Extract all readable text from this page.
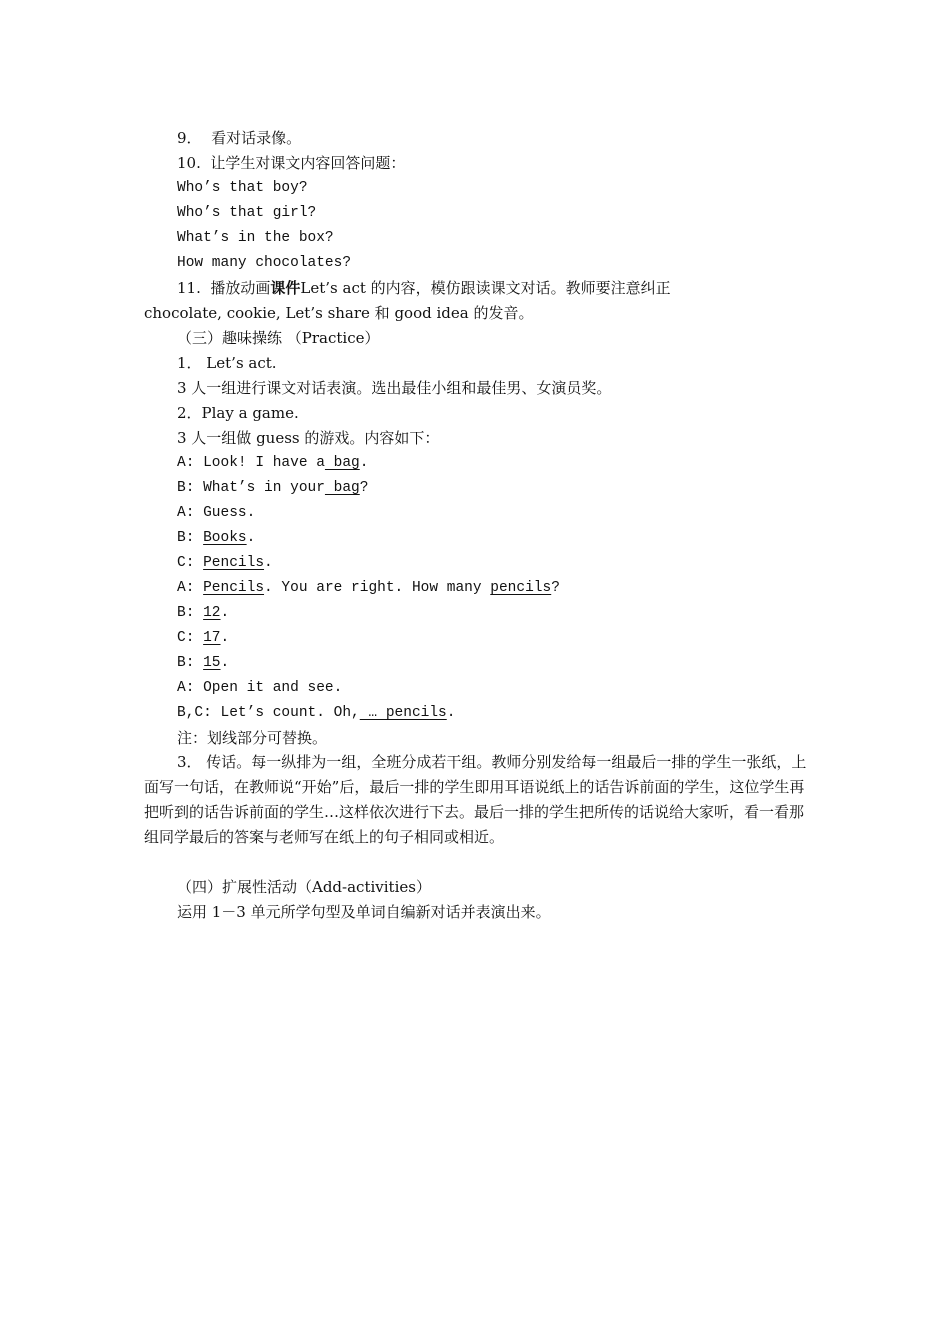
9．  看对话录像。

10.  让学生对课文内容回答问题：

Who’s that boy?

Who’s that girl?

What’s in the box?

How many chocolates?

11.  播放动画课件Let’s act 的内容，模仿跟读课文对话。教师要注意纠正

chocolate, cookie, Let’s share 和 good idea 的发音。

（三）趣味操练 （Practice）

1． Let’s act.

3 人一组进行课文对话表演。选出最佳小组和最佳男、女演员奖。

2．Play a game.

3 人一组做 guess 的游戏。内容如下：

A: Look! I have a bag.

B: What’s in your bag?

A: Guess.

B: Books.

C: Pencils.

A: Pencils. You are right. How many pencils?

B: 12.

C: 17.

B: 15.

A: Open it and see.

B,C: Let’s count. Oh, … pencils.

注：划线部分可替换。

3． 传话。每一纵排为一组，全班分成若干组。教师分别发给每一组最后一排的学生一张纸，上面写一句话，在教师说“开始”后，最后一排的学生即用耳语说纸上的话告诉前面的学生，这位学生再把听到的话告诉前面的学生…这样依次进行下去。最后一排的学生把所传的话说给大家听，看一看那组同学最后的答案与老师写在纸上的句子相同或相近。

（四）扩展性活动（Add-activities）

运用 1－3 单元所学句型及单词自编新对话并表演出来。
